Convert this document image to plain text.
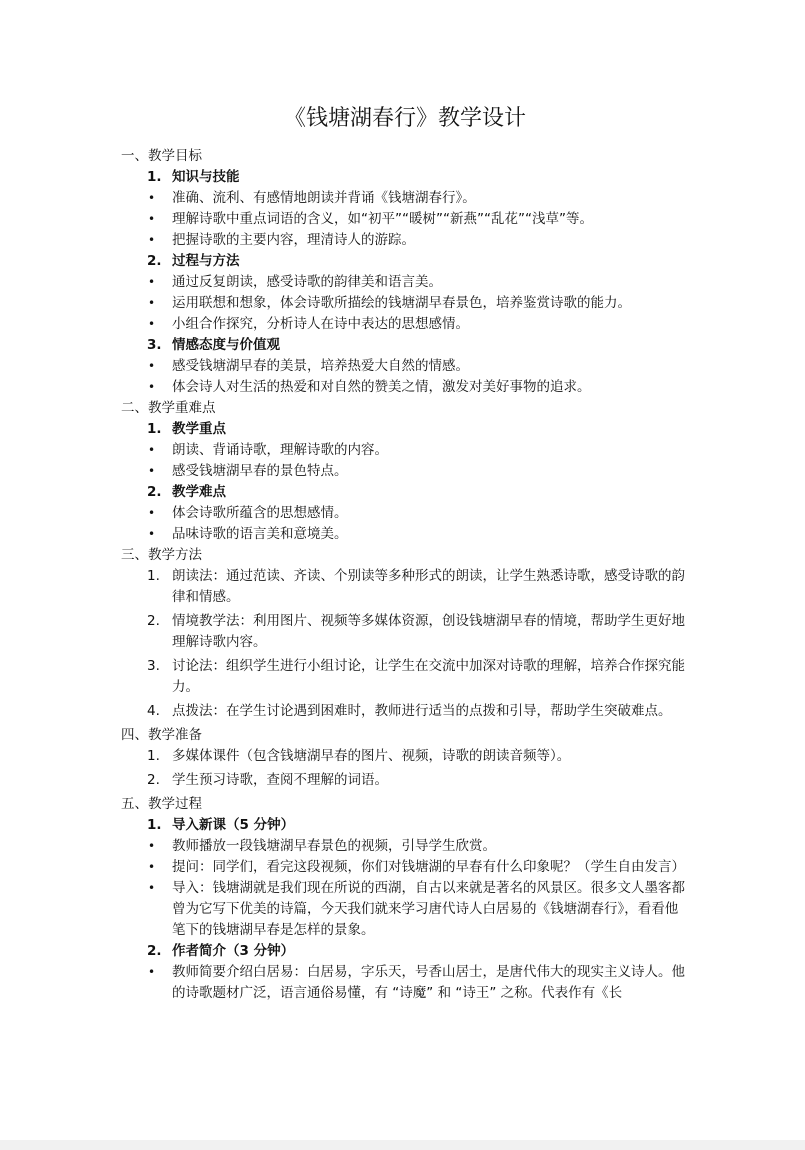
《钱塘湖春行》教学设计
一、教学目标
1. 知识与技能
•	准确、流利、有感情地朗读并背诵《钱塘湖春行》。
•	理解诗歌中重点词语的含义，如“初平”“暖树”“新燕”“乱花”“浅草”等。
•	把握诗歌的主要内容，理清诗人的游踪。
2. 过程与方法
•	通过反复朗读，感受诗歌的韵律美和语言美。
•	运用联想和想象，体会诗歌所描绘的钱塘湖早春景色，培养鉴赏诗歌的能力。
•	小组合作探究，分析诗人在诗中表达的思想感情。
3. 情感态度与价值观
•	感受钱塘湖早春的美景，培养热爱大自然的情感。
•	体会诗人对生活的热爱和对自然的赞美之情，激发对美好事物的追求。
二、教学重难点
1. 教学重点
•	朗读、背诵诗歌，理解诗歌的内容。
•	感受钱塘湖早春的景色特点。
2. 教学难点
•	体会诗歌所蕴含的思想感情。
•	品味诗歌的语言美和意境美。
三、教学方法
1. 朗读法：通过范读、齐读、个别读等多种形式的朗读，让学生熟悉诗歌，感受诗歌的韵律和情感。
2. 情境教学法：利用图片、视频等多媒体资源，创设钱塘湖早春的情境，帮助学生更好地理解诗歌内容。
3. 讨论法：组织学生进行小组讨论，让学生在交流中加深对诗歌的理解，培养合作探究能力。
4. 点拨法：在学生讨论遇到困难时，教师进行适当的点拨和引导，帮助学生突破难点。
四、教学准备
1. 多媒体课件（包含钱塘湖早春的图片、视频，诗歌的朗读音频等）。
2. 学生预习诗歌，查阅不理解的词语。
五、教学过程
1. 导入新课（5 分钟）
•	教师播放一段钱塘湖早春景色的视频，引导学生欣赏。
•	提问：同学们，看完这段视频，你们对钱塘湖的早春有什么印象呢？（学生自由发言）
•	导入：钱塘湖就是我们现在所说的西湖，自古以来就是著名的风景区。很多文人墨客都曾为它写下优美的诗篇，今天我们就来学习唐代诗人白居易的《钱塘湖春行》，看看他笔下的钱塘湖早春是怎样的景象。
2. 作者简介（3 分钟）
•	教师简要介绍白居易：白居易，字乐天，号香山居士，是唐代伟大的现实主义诗人。他的诗歌题材广泛，语言通俗易懂，有 “诗魔” 和 “诗王” 之称。代表作有《长
